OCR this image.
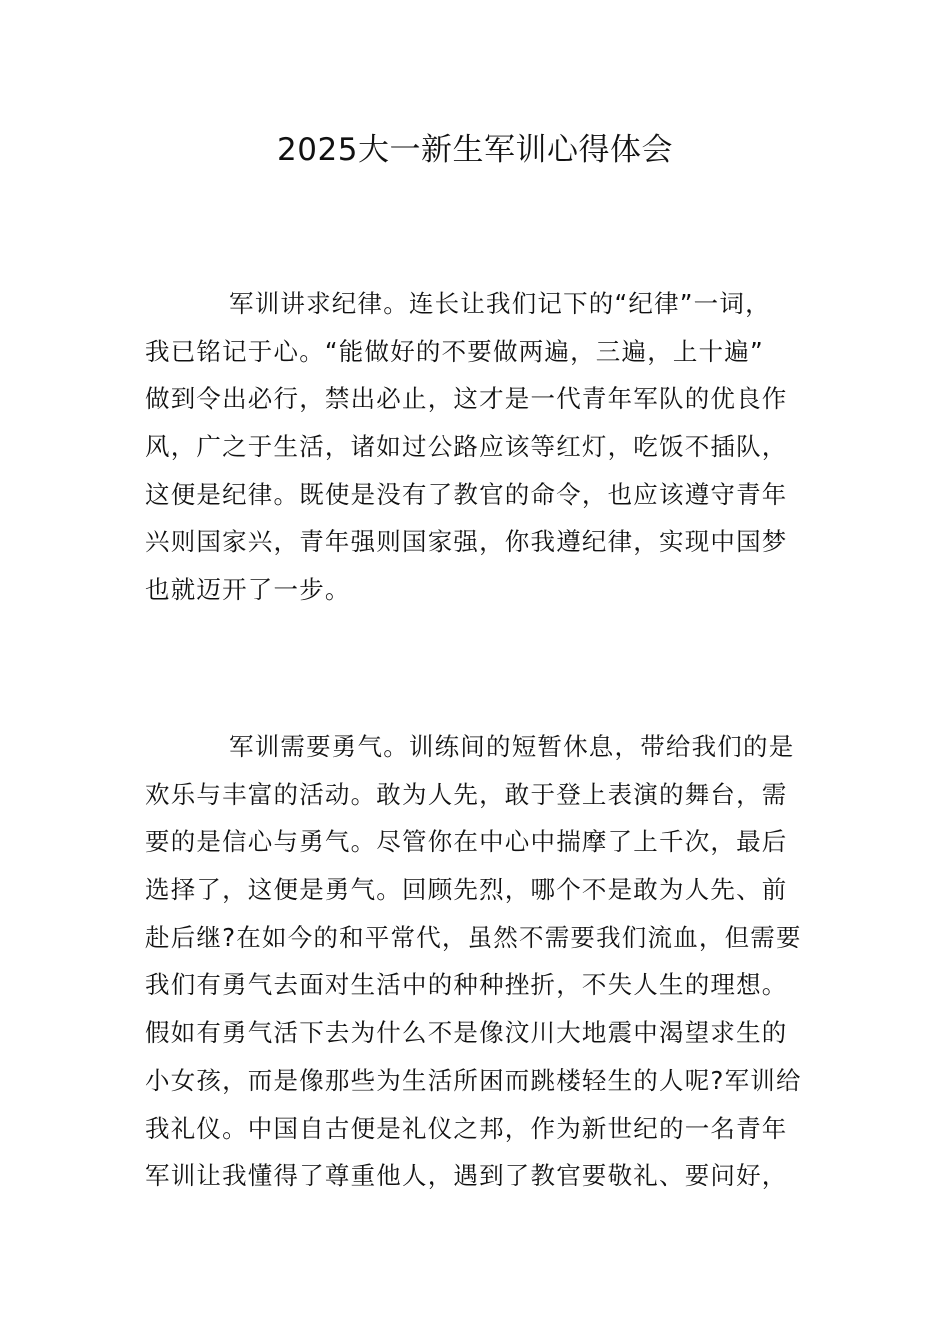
2025大一新生军训心得体会
军训讲求纪律。连长让我们记下的“纪律”一词，
我已铭记于心。“能做好的不要做两遍，三遍，上十遍”
做到令出必行，禁出必止，这才是一代青年军队的优良作
风，广之于生活，诸如过公路应该等红灯，吃饭不插队，
这便是纪律。既使是没有了教官的命令，也应该遵守青年
兴则国家兴，青年强则国家强，你我遵纪律，实现中国梦
也就迈开了一步。
军训需要勇气。训练间的短暂休息，带给我们的是
欢乐与丰富的活动。敢为人先，敢于登上表演的舞台，需
要的是信心与勇气。尽管你在中心中揣摩了上千次，最后
选择了，这便是勇气。回顾先烈，哪个不是敢为人先、前
赴后继?在如今的和平常代，虽然不需要我们流血，但需要
我们有勇气去面对生活中的种种挫折，不失人生的理想。
假如有勇气活下去为什么不是像汶川大地震中渴望求生的
小女孩，而是像那些为生活所困而跳楼轻生的人呢?军训给
我礼仪。中国自古便是礼仪之邦，作为新世纪的一名青年
军训让我懂得了尊重他人，遇到了教官要敬礼、要问好，
